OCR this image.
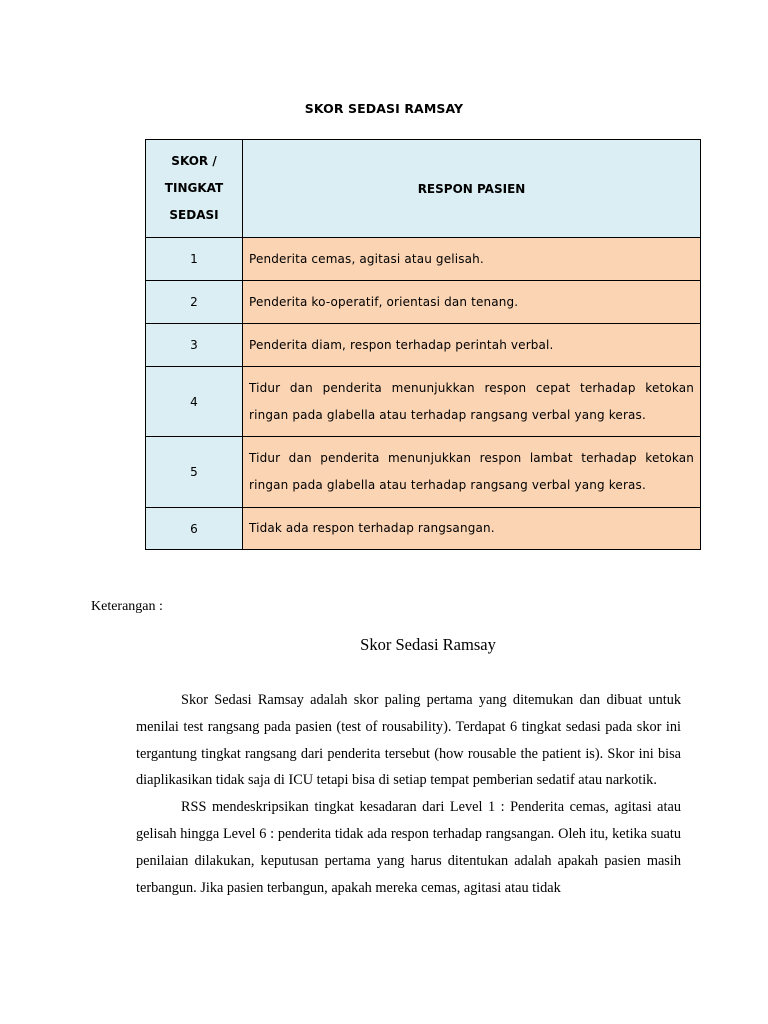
SKOR SEDASI RAMSAY
SKOR /
TINGKAT
SEDASI	RESPON PASIEN
1	Penderita cemas, agitasi atau gelisah.
2	Penderita ko-operatif, orientasi dan tenang.
3	Penderita diam, respon terhadap perintah verbal.
4	Tidur dan penderita menunjukkan respon cepat terhadap ketokan ringan pada glabella atau terhadap rangsang verbal yang keras.
5	Tidur dan penderita menunjukkan respon lambat terhadap ketokan ringan pada glabella atau terhadap rangsang verbal yang keras.
6	Tidak ada respon terhadap rangsangan.
Keterangan :
Skor Sedasi Ramsay

Skor Sedasi Ramsay adalah skor paling pertama yang ditemukan dan dibuat untuk menilai test rangsang pada pasien (test of rousability). Terdapat 6 tingkat sedasi pada skor ini tergantung tingkat rangsang dari penderita tersebut (how rousable the patient is). Skor ini bisa diaplikasikan tidak saja di ICU tetapi bisa di setiap tempat pemberian sedatif atau narkotik.

RSS mendeskripsikan tingkat kesadaran dari Level 1 : Penderita cemas, agitasi atau gelisah hingga Level 6 : penderita tidak ada respon terhadap rangsangan. Oleh itu, ketika suatu penilaian dilakukan, keputusan pertama yang harus ditentukan adalah apakah pasien masih terbangun. Jika pasien terbangun, apakah mereka cemas, agitasi atau tidak
